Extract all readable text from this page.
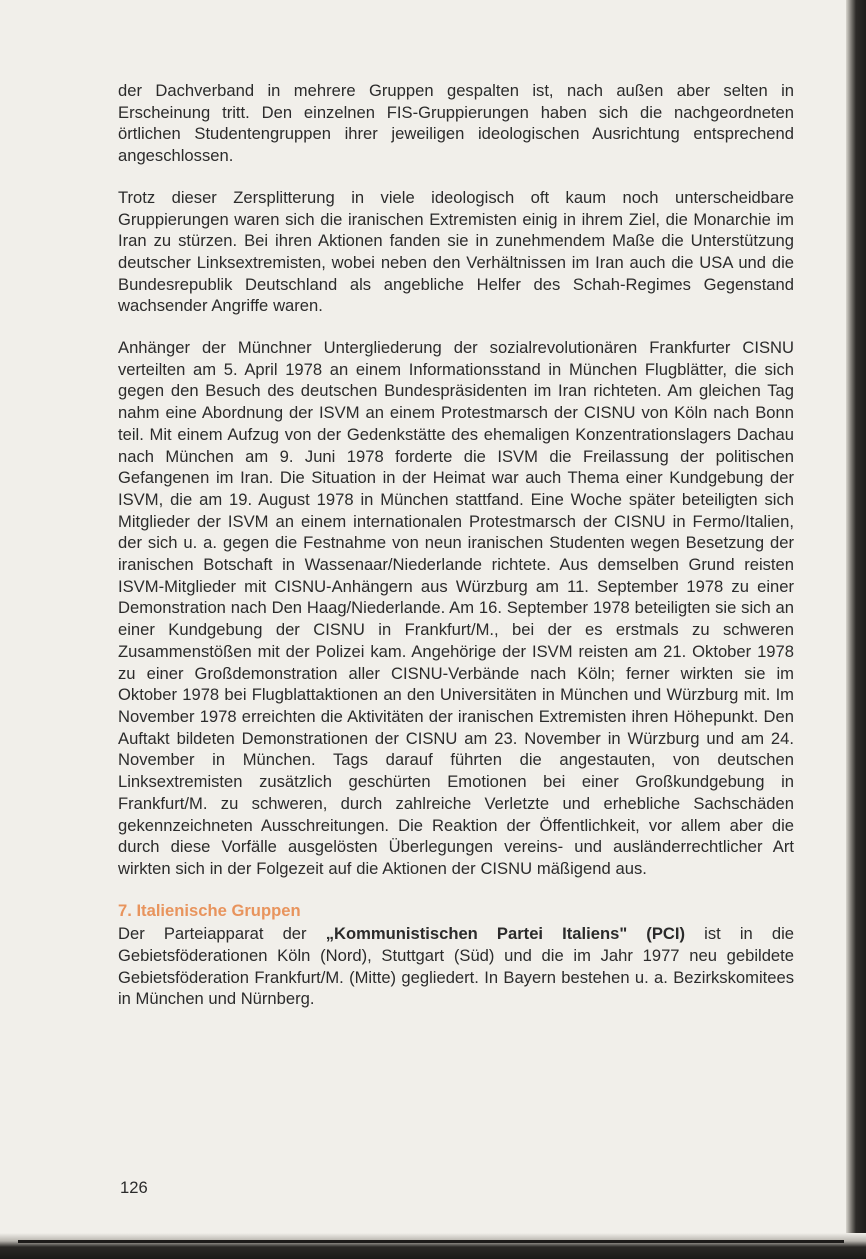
der Dachverband in mehrere Gruppen gespalten ist, nach außen aber selten in Erscheinung tritt. Den einzelnen FIS-Gruppierungen haben sich die nachgeordneten örtlichen Studentengruppen ihrer jeweiligen ideologischen Ausrichtung entsprechend angeschlossen.

Trotz dieser Zersplitterung in viele ideologisch oft kaum noch unterscheidbare Gruppierungen waren sich die iranischen Extremisten einig in ihrem Ziel, die Monarchie im Iran zu stürzen. Bei ihren Aktionen fanden sie in zunehmendem Maße die Unterstützung deutscher Linksextremisten, wobei neben den Verhältnissen im Iran auch die USA und die Bundesrepublik Deutschland als angebliche Helfer des Schah-Regimes Gegenstand wachsender Angriffe waren.

Anhänger der Münchner Untergliederung der sozialrevolutionären Frankfurter CISNU verteilten am 5. April 1978 an einem Informationsstand in München Flugblätter, die sich gegen den Besuch des deutschen Bundespräsidenten im Iran richteten. Am gleichen Tag nahm eine Abordnung der ISVM an einem Protestmarsch der CISNU von Köln nach Bonn teil. Mit einem Aufzug von der Gedenkstätte des ehemaligen Konzentrationslagers Dachau nach München am 9. Juni 1978 forderte die ISVM die Freilassung der politischen Gefangenen im Iran. Die Situation in der Heimat war auch Thema einer Kundgebung der ISVM, die am 19. August 1978 in München stattfand. Eine Woche später beteiligten sich Mitglieder der ISVM an einem internationalen Protestmarsch der CISNU in Fermo/Italien, der sich u. a. gegen die Festnahme von neun iranischen Studenten wegen Besetzung der iranischen Botschaft in Wassenaar/Niederlande richtete. Aus demselben Grund reisten ISVM-Mitglieder mit CISNU-Anhängern aus Würzburg am 11. September 1978 zu einer Demonstration nach Den Haag/Niederlande. Am 16. September 1978 beteiligten sie sich an einer Kundgebung der CISNU in Frankfurt/M., bei der es erstmals zu schweren Zusammenstößen mit der Polizei kam. Angehörige der ISVM reisten am 21. Oktober 1978 zu einer Großdemonstration aller CISNU-Verbände nach Köln; ferner wirkten sie im Oktober 1978 bei Flugblattaktionen an den Universitäten in München und Würzburg mit. Im November 1978 erreichten die Aktivitäten der iranischen Extremisten ihren Höhepunkt. Den Auftakt bildeten Demonstrationen der CISNU am 23. November in Würzburg und am 24. November in München. Tags darauf führten die angestauten, von deutschen Linksextremisten zusätzlich geschürten Emotionen bei einer Großkundgebung in Frankfurt/M. zu schweren, durch zahlreiche Verletzte und erhebliche Sachschäden gekennzeichneten Ausschreitungen. Die Reaktion der Öffentlichkeit, vor allem aber die durch diese Vorfälle ausgelösten Überlegungen vereins- und ausländerrechtlicher Art wirkten sich in der Folgezeit auf die Aktionen der CISNU mäßigend aus.

7. Italienische Gruppen

Der Parteiapparat der „Kommunistischen Partei Italiens" (PCI) ist in die Gebietsföderationen Köln (Nord), Stuttgart (Süd) und die im Jahr 1977 neu gebildete Gebietsföderation Frankfurt/M. (Mitte) gegliedert. In Bayern bestehen u. a. Bezirkskomitees in München und Nürnberg.

126
